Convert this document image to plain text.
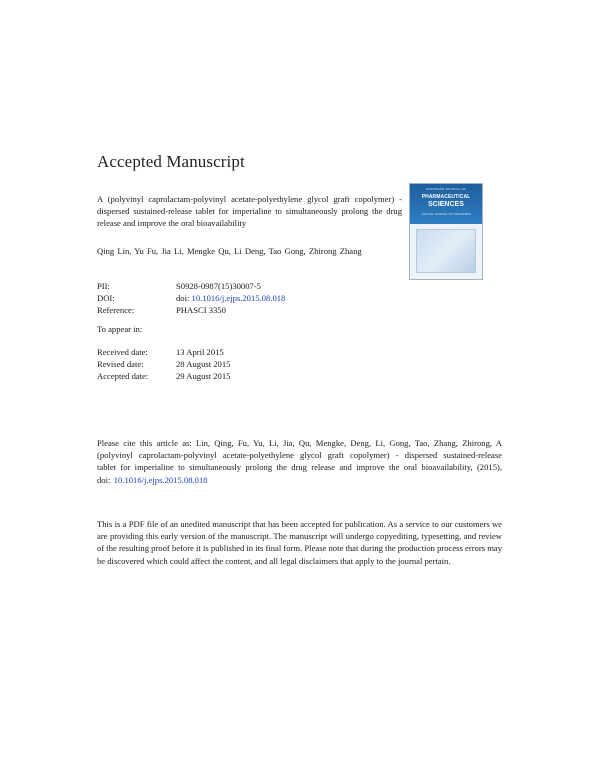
Accepted Manuscript
A (polyvinyl caprolactam-polyvinyl acetate-polyethylene glycol graft copolymer) - dispersed sustained-release tablet for imperialine to simultaneously prolong the drug release and improve the oral bioavailability
Qing Lin, Yu Fu, Jia Li, Mengke Qu, Li Deng, Tao Gong, Zhirong Zhang
EUROPEAN JOURNAL OF
PHARMACEUTICAL
SCIENCES
OFFICIAL JOURNAL OF THE EUFEPS
PII:	S0928-0987(15)30007-5
DOI:	doi: 10.1016/j.ejps.2015.08.018
Reference:	PHASCI 3350
To appear in:
Received date:	13 April 2015
Revised date:	28 August 2015
Accepted date:	29 August 2015
Please cite this article as: Lin, Qing, Fu, Yu, Li, Jia, Qu, Mengke, Deng, Li, Gong, Tao, Zhang, Zhirong, A (polyvinyl caprolactam-polyvinyl acetate-polyethylene glycol graft copolymer) - dispersed sustained-release tablet for imperialine to simultaneously prolong the drug release and improve the oral bioavailability, (2015), doi: 10.1016/j.ejps.2015.08.018
This is a PDF file of an unedited manuscript that has been accepted for publication. As a service to our customers we are providing this early version of the manuscript. The manuscript will undergo copyediting, typesetting, and review of the resulting proof before it is published in its final form. Please note that during the production process errors may be discovered which could affect the content, and all legal disclaimers that apply to the journal pertain.
